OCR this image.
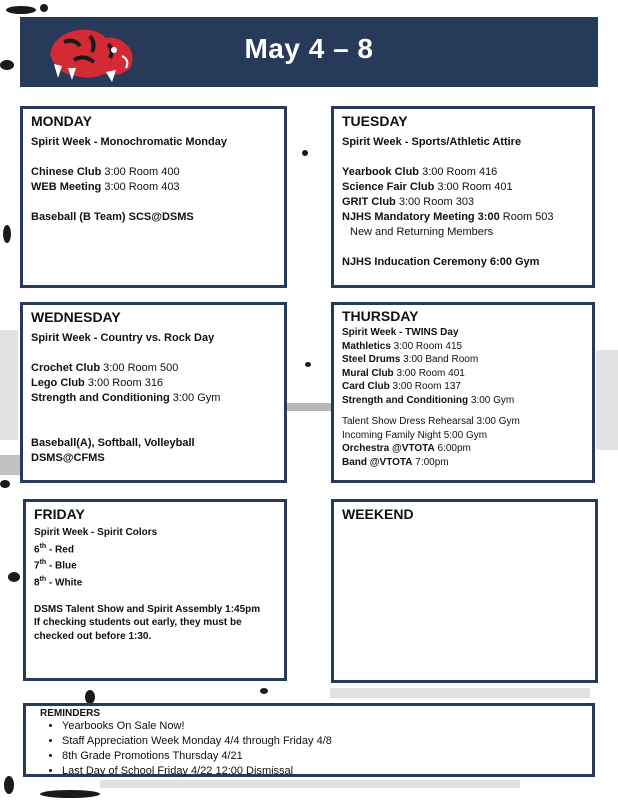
May 4 – 8
MONDAY
Spirit Week - Monochromatic Monday
Chinese Club 3:00 Room 400
WEB Meeting 3:00 Room 403
Baseball (B Team) SCS@DSMS
TUESDAY
Spirit Week - Sports/Athletic Attire
Yearbook Club 3:00 Room 416
Science Fair Club 3:00 Room 401
GRIT Club 3:00 Room 303
NJHS Mandatory Meeting 3:00 Room 503
New and Returning Members
NJHS Inducation Ceremony 6:00 Gym
WEDNESDAY
Spirit Week - Country vs. Rock Day
Crochet Club 3:00 Room 500
Lego Club 3:00 Room 316
Strength and Conditioning 3:00 Gym
Baseball(A), Softball, Volleyball
DSMS@CFMS
THURSDAY
Spirit Week - TWINS Day
Mathletics 3:00 Room 415
Steel Drums 3:00 Band Room
Mural Club 3:00 Room 401
Card Club 3:00 Room 137
Strength and Conditioning 3:00 Gym
Talent Show Dress Rehearsal 3:00 Gym
Incoming Family Night 5:00 Gym
Orchestra @VTOTA 6:00pm
Band @VTOTA 7:00pm
FRIDAY
Spirit Week - Spirit Colors
6th - Red
7th - Blue
8th - White
DSMS Talent Show and Spirit Assembly 1:45pm
If checking students out early, they must be
checked out before 1:30.
WEEKEND
REMINDERS
• Yearbooks On Sale Now!
• Staff Appreciation Week Monday 4/4 through Friday 4/8
• 8th Grade Promotions Thursday 4/21
• Last Day of School Friday 4/22 12:00 Dismissal
